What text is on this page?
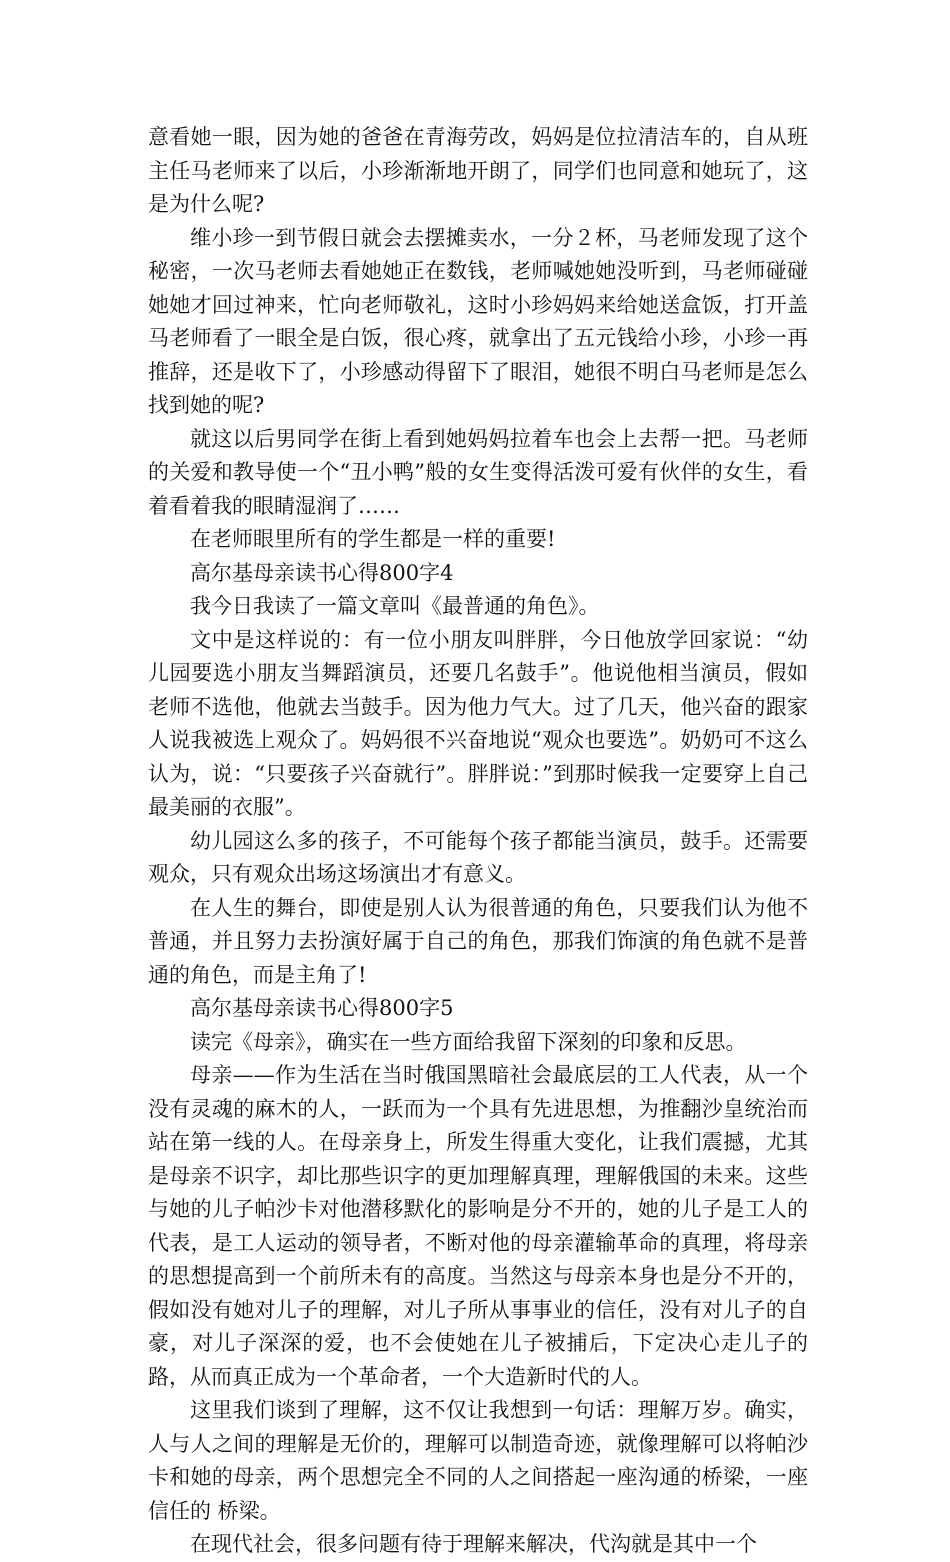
意看她一眼，因为她的爸爸在青海劳改，妈妈是位拉清洁车的，自从班主任马老师来了以后，小珍渐渐地开朗了，同学们也同意和她玩了，这是为什么呢?

维小珍一到节假日就会去摆摊卖水，一分２杯，马老师发现了这个秘密，一次马老师去看她她正在数钱，老师喊她她没听到，马老师碰碰她她才回过神来，忙向老师敬礼，这时小珍妈妈来给她送盒饭，打开盖马老师看了一眼全是白饭，很心疼，就拿出了五元钱给小珍，小珍一再推辞，还是收下了，小珍感动得留下了眼泪，她很不明白马老师是怎么找到她的呢?

就这以后男同学在街上看到她妈妈拉着车也会上去帮一把。马老师的关爱和教导使一个“丑小鸭”般的女生变得活泼可爱有伙伴的女生，看着看着我的眼睛湿润了……

在老师眼里所有的学生都是一样的重要!

高尔基母亲读书心得800字4

我今日我读了一篇文章叫《最普通的角色》。

文中是这样说的：有一位小朋友叫胖胖，今日他放学回家说：“幼儿园要选小朋友当舞蹈演员，还要几名鼓手”。他说他相当演员，假如老师不选他，他就去当鼓手。因为他力气大。过了几天，他兴奋的跟家人说我被选上观众了。妈妈很不兴奋地说“观众也要选”。奶奶可不这么认为，说：“只要孩子兴奋就行”。胖胖说：”到那时候我一定要穿上自己最美丽的衣服”。

幼儿园这么多的孩子，不可能每个孩子都能当演员，鼓手。还需要观众，只有观众出场这场演出才有意义。

在人生的舞台，即使是别人认为很普通的角色，只要我们认为他不普通，并且努力去扮演好属于自己的角色，那我们饰演的角色就不是普通的角色，而是主角了!

高尔基母亲读书心得800字5

读完《母亲》，确实在一些方面给我留下深刻的印象和反思。

母亲——作为生活在当时俄国黑暗社会最底层的工人代表，从一个没有灵魂的麻木的人，一跃而为一个具有先进思想，为推翻沙皇统治而站在第一线的人。在母亲身上，所发生得重大变化，让我们震撼，尤其是母亲不识字，却比那些识字的更加理解真理，理解俄国的未来。这些与她的儿子帕沙卡对他潜移默化的影响是分不开的，她的儿子是工人的代表，是工人运动的领导者，不断对他的母亲灌输革命的真理，将母亲的思想提高到一个前所未有的高度。当然这与母亲本身也是分不开的，假如没有她对儿子的理解，对儿子所从事事业的信任，没有对儿子的自豪，对儿子深深的爱，也不会使她在儿子被捕后，下定决心走儿子的路，从而真正成为一个革命者，一个大造新时代的人。

这里我们谈到了理解，这不仅让我想到一句话：理解万岁。确实，人与人之间的理解是无价的，理解可以制造奇迹，就像理解可以将帕沙卡和她的母亲，两个思想完全不同的人之间搭起一座沟通的桥梁，一座信任的 桥梁。

在现代社会，很多问题有待于理解来解决，代沟就是其中一个
